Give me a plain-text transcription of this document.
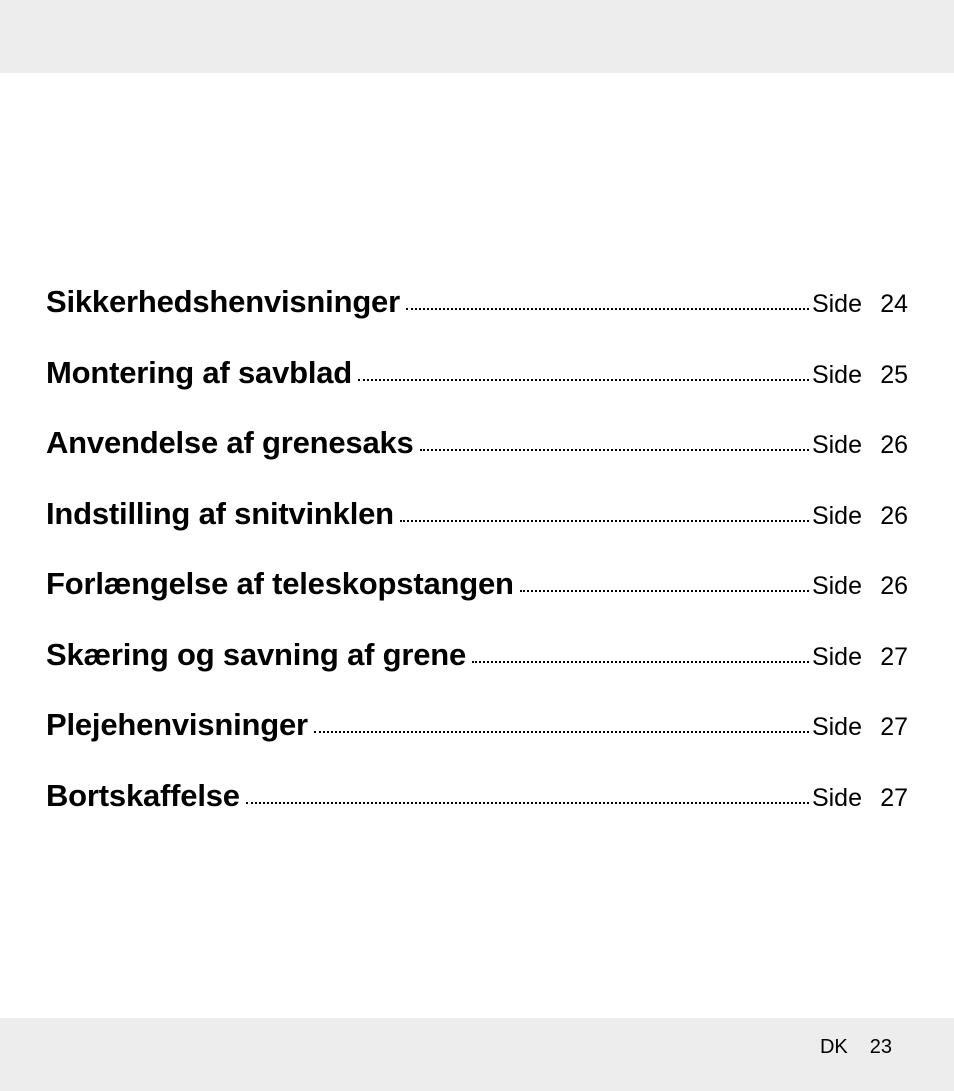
Sikkerhedshenvisninger	Side 24
Montering af savblad	Side 25
Anvendelse af grenesaks	Side 26
Indstilling af snitvinklen	Side 26
Forlængelse af teleskopstangen	Side 26
Skæring og savning af grene	Side 27
Plejehenvisninger	Side 27
Bortskaffelse	Side 27
DK 23
